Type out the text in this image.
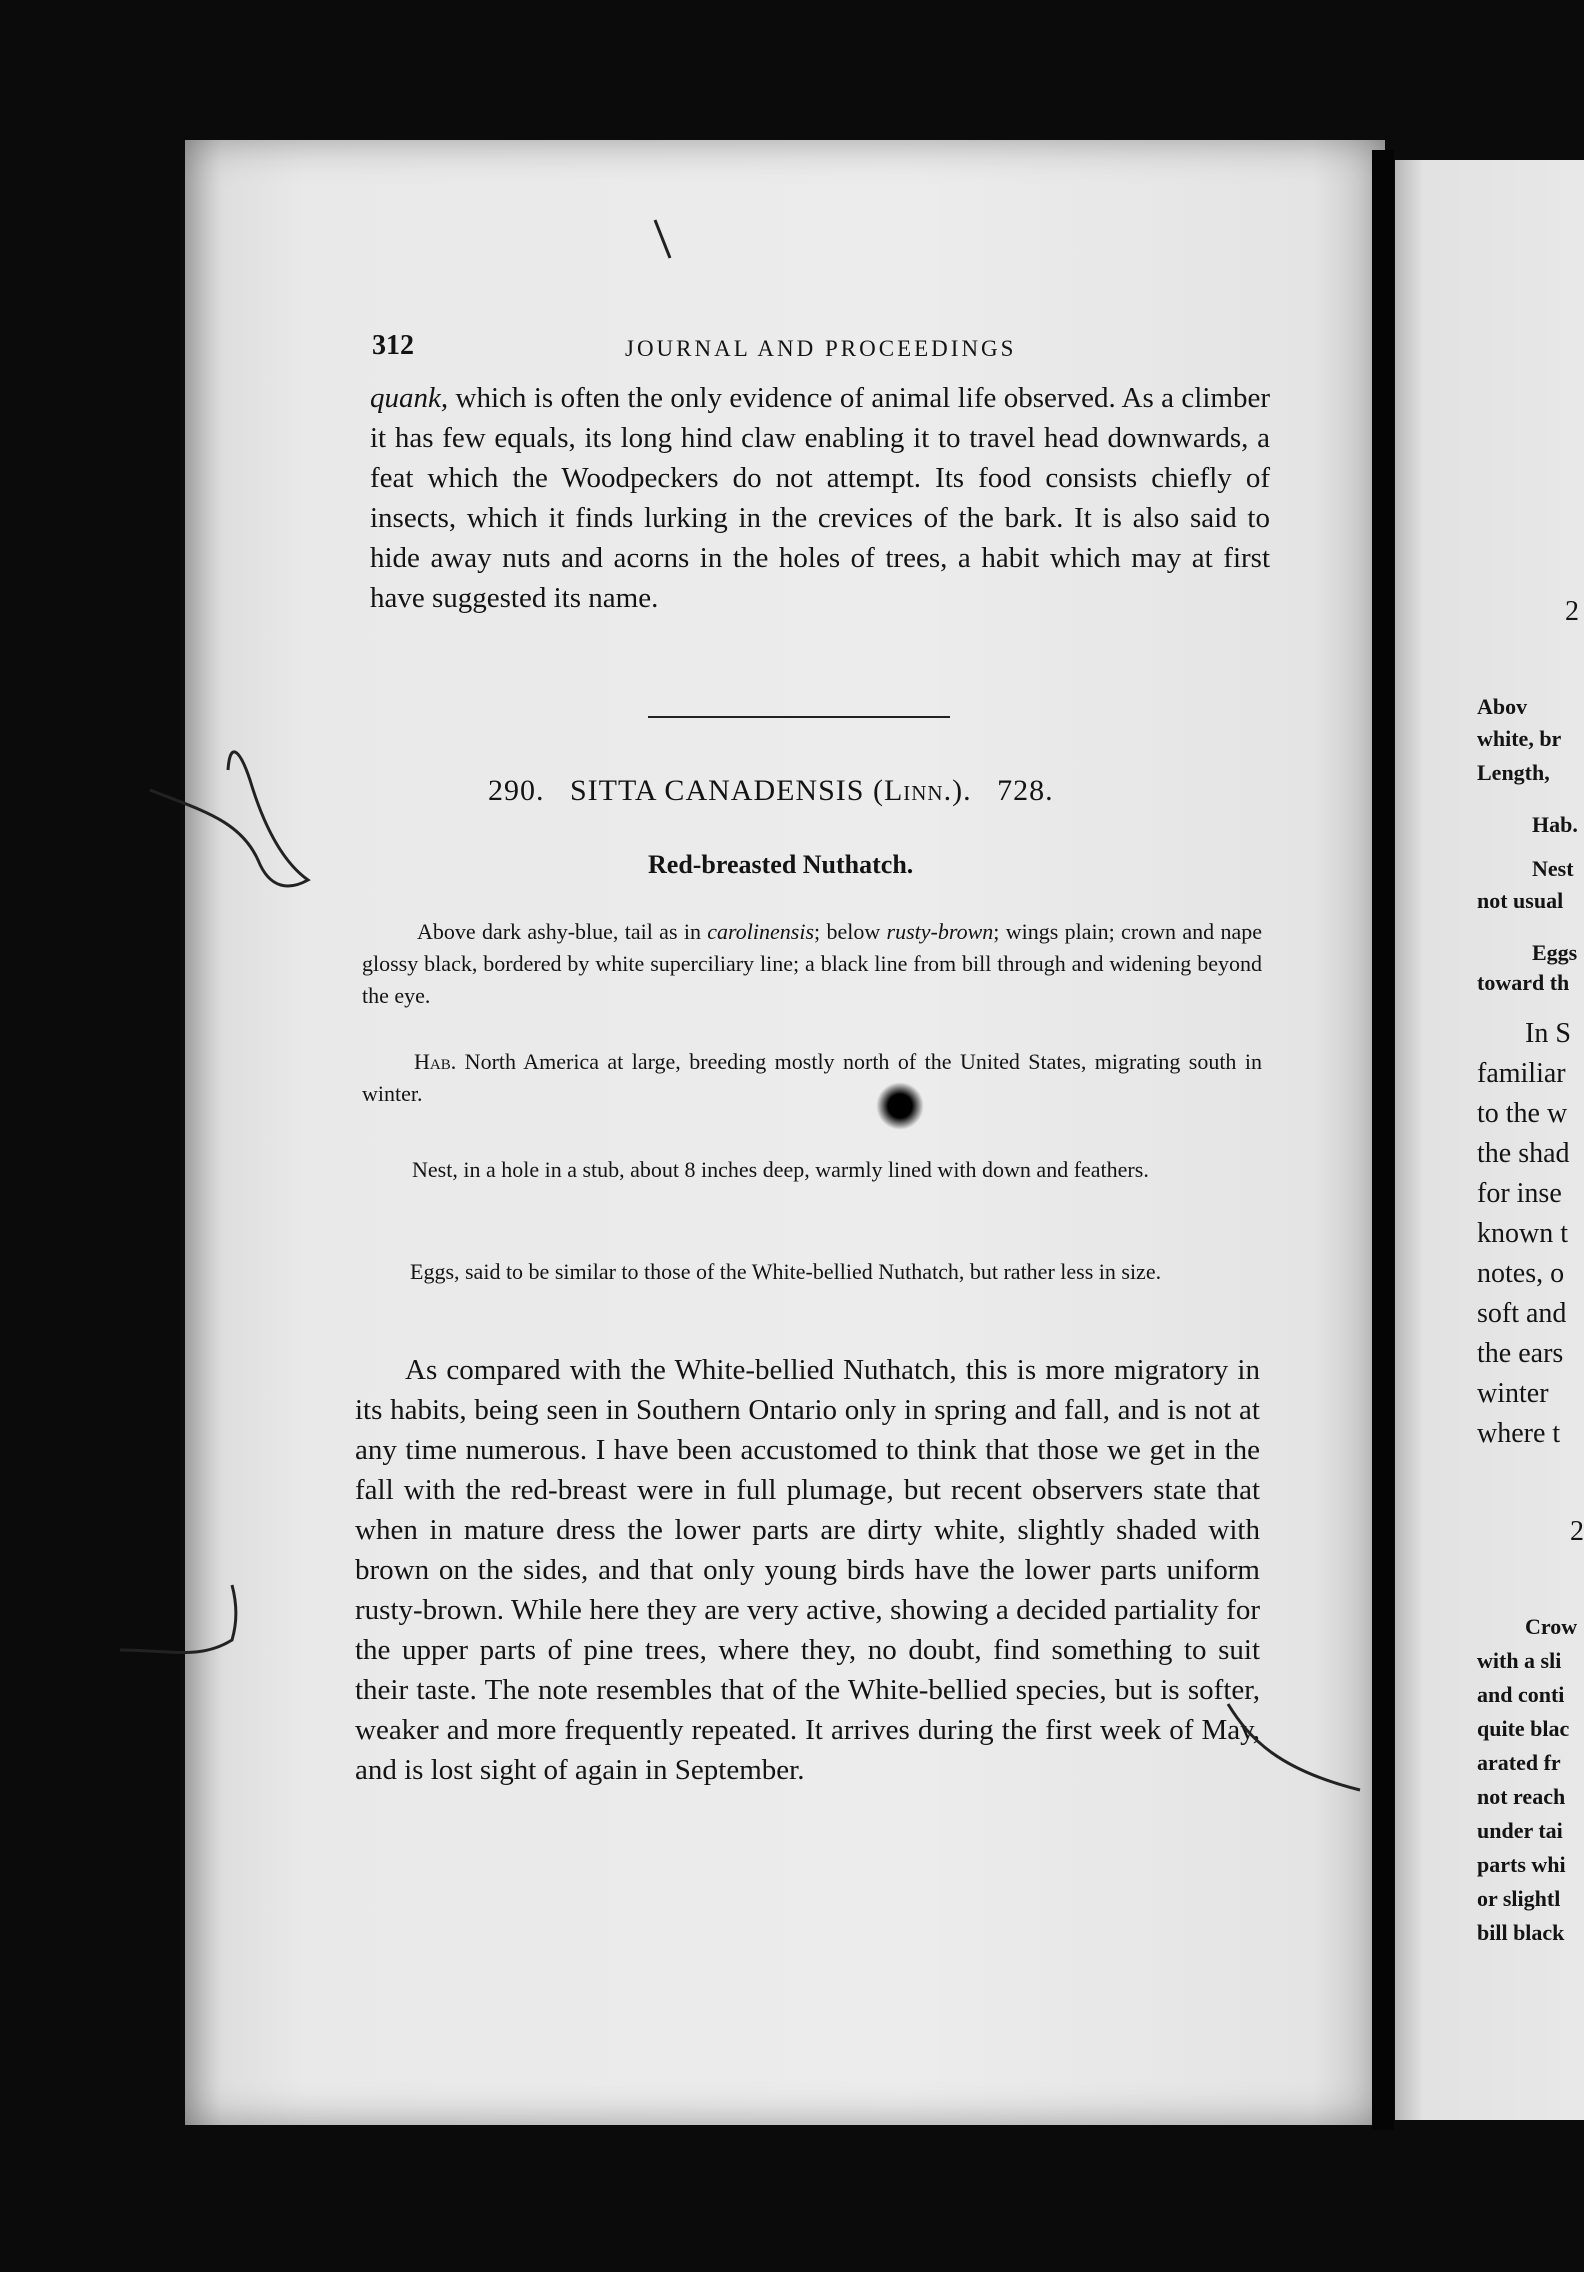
312	JOURNAL AND PROCEEDINGS

quank, which is often the only evidence of animal life observed. As a climber it has few equals, its long hind claw enabling it to travel head downwards, a feat which the Woodpeckers do not attempt. Its food consists chiefly of insects, which it finds lurking in the crevices of the bark. It is also said to hide away nuts and acorns in the holes of trees, a habit which may at first have suggested its name.

290. SITTA CANADENSIS (Linn.). 728.

Red-breasted Nuthatch.

Above dark ashy-blue, tail as in carolinensis; below rusty-brown; wings plain; crown and nape glossy black, bordered by white superciliary line; a black line from bill through and widening beyond the eye.

Hab. North America at large, breeding mostly north of the United States, migrating south in winter.

Nest, in a hole in a stub, about 8 inches deep, warmly lined with down and feathers.

Eggs, said to be similar to those of the White-bellied Nuthatch, but rather less in size.

As compared with the White-bellied Nuthatch, this is more migratory in its habits, being seen in Southern Ontario only in spring and fall, and is not at any time numerous. I have been accustomed to think that those we get in the fall with the red-breast were in full plumage, but recent observers state that when in mature dress the lower parts are dirty white, slightly shaded with brown on the sides, and that only young birds have the lower parts uniform rusty-brown. While here they are very active, showing a decided partiality for the upper parts of pine trees, where they, no doubt, find something to suit their taste. The note resembles that of the White-bellied species, but is softer, weaker and more frequently repeated. It arrives during the first week of May, and is lost sight of again in September.

2

Abov

white, br

Length,

Hab.

Nest

not usual

Eggs

toward th

In S

familiar

to the w

the shad

for inse

known t

notes, o

soft and

the ears

winter

where t

2

Crow

with a sli

and conti

quite blac

arated fr

not reach

under tai

parts whi

or slightl

bill black
